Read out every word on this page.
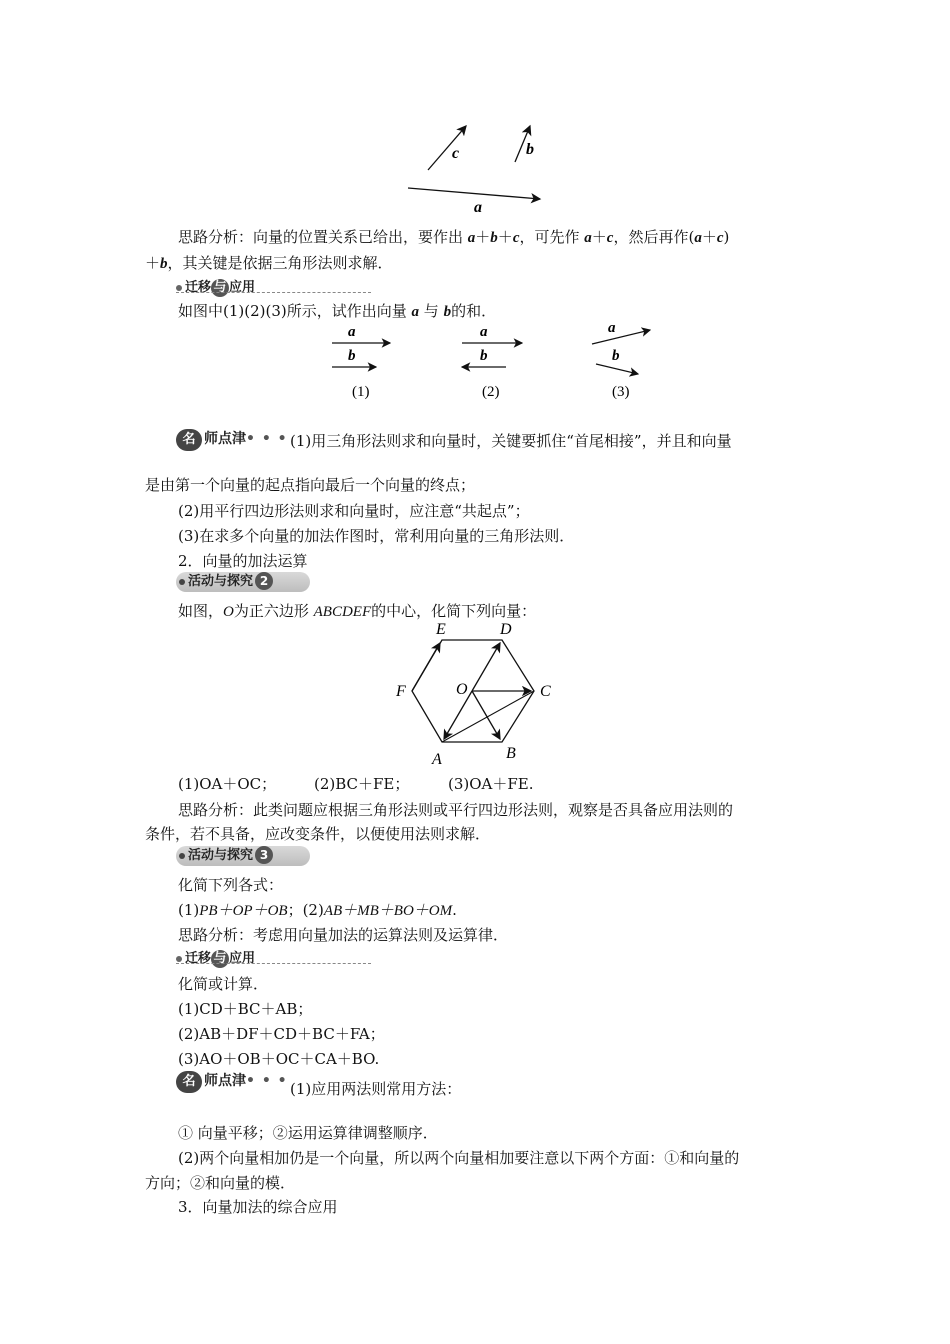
c	b
a
思路分析：向量的位置关系已给出，要作出 a＋b＋c，可先作 a＋c，然后再作(a＋c)
＋b，其关键是依据三角形法则求解．
迁移 与 应用
如图中(1)(2)(3)所示，试作出向量 a 与 b的和．
a
b
(1)
a
b
(2)
a
b
(3)
名 师点津• • • (1)用三角形法则求和向量时，关键要抓住“首尾相接”，并且和向量
是由第一个向量的起点指向最后一个向量的终点；
(2)用平行四边形法则求和向量时，应注意“共起点”；
(3)在求多个向量的加法作图时，常利用向量的三角形法则．
2．向量的加法运算
活动与探究 2
如图，O为正六边形 ABCDEF的中心，化简下列向量：
E	D
F	O	C
A	B
(1)OA＋OC；	(2)BC＋FE；	(3)OA＋FE.
思路分析：此类问题应根据三角形法则或平行四边形法则，观察是否具备应用法则的
条件，若不具备，应改变条件，以便使用法则求解．
活动与探究 3
化简下列各式：
(1)PB＋OP＋OB；(2)AB＋MB＋BO＋OM.
思路分析：考虑用向量加法的运算法则及运算律．
迁移 与 应用
化简或计算．
(1)CD＋BC＋AB；
(2)AB＋DF＋CD＋BC＋FA；
(3)AO＋OB＋OC＋CA＋BO.
名 师点津• • • (1)应用两法则常用方法：
① 向量平移；②运用运算律调整顺序．
(2)两个向量相加仍是一个向量，所以两个向量相加要注意以下两个方面：①和向量的
方向；②和向量的模．
3．向量加法的综合应用
